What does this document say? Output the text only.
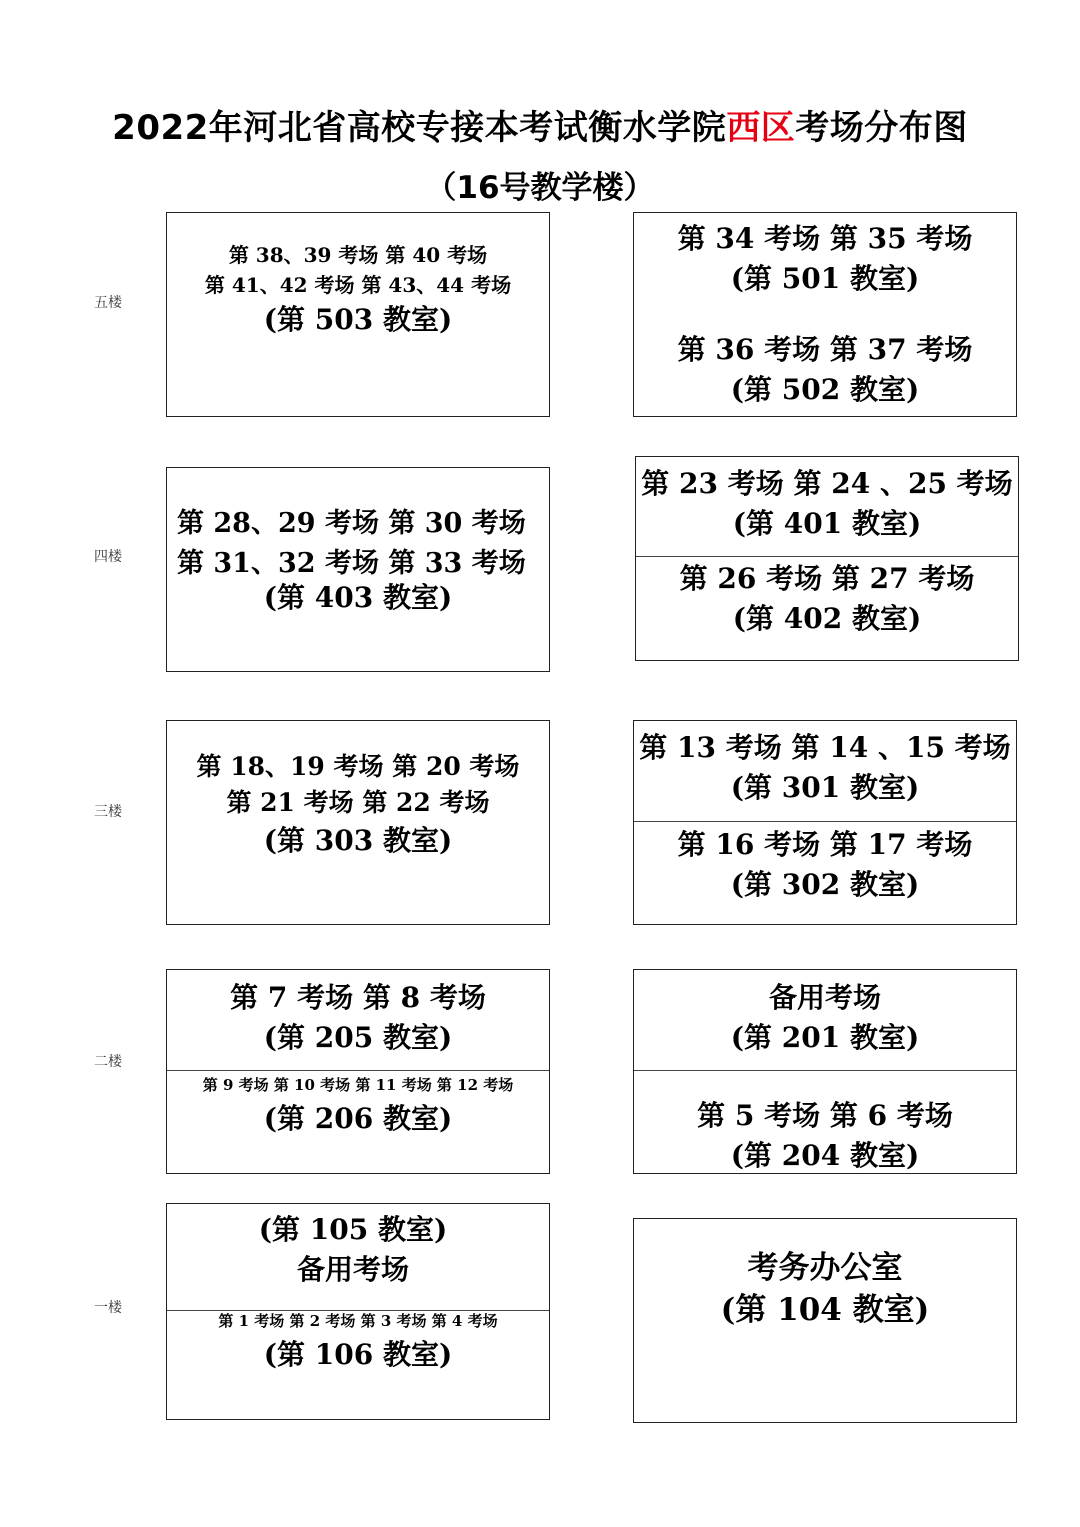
2022年河北省高校专接本考试衡水学院西区考场分布图
（16号教学楼）
五楼
四楼
三楼
二楼
一楼
第 38、39 考场 第 40 考场
第 41、42 考场 第 43、44 考场
(第 503 教室)
第 34 考场 第 35 考场
(第 501 教室)
第 36 考场 第 37 考场
(第 502 教室)
第 28、29 考场 第 30 考场
第 31、32 考场 第 33 考场
(第 403 教室)
第 23 考场 第 24 、25 考场
(第 401 教室)
第 26 考场 第 27 考场
(第 402 教室)
第 18、19 考场 第 20 考场
第 21 考场 第 22 考场
(第 303 教室)
第 13 考场 第 14 、15 考场
(第 301 教室)
第 16 考场 第 17 考场
(第 302 教室)
第 7 考场 第 8 考场
(第 205 教室)
第 9 考场 第 10 考场 第 11 考场 第 12 考场
(第 206 教室)
备用考场
(第 201 教室)
第 5 考场 第 6 考场
(第 204 教室)
(第 105 教室)
备用考场
第 1 考场 第 2 考场 第 3 考场 第 4 考场
(第 106 教室)
考务办公室
(第 104 教室)
